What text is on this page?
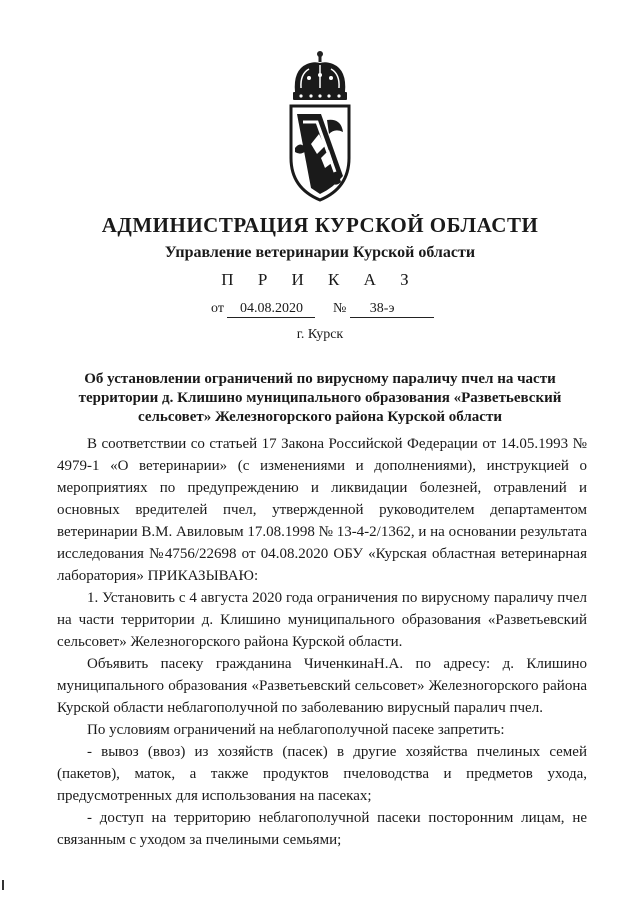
АДМИНИСТРАЦИЯ КУРСКОЙ ОБЛАСТИ
Управление ветеринарии Курской области
П Р И К А З
от 04.08.2020 № 38-э
г. Курск
Об установлении ограничений по вирусному параличу пчел на части
территории д. Клишино муниципального образования «Разветьевский
сельсовет» Железногорского района Курской области

В соответствии со статьей 17 Закона Российской Федерации от 14.05.1993 № 4979-1 «О ветеринарии» (с изменениями и дополнениями), инструкцией о мероприятиях по предупреждению и ликвидации болезней, отравлений и основных вредителей пчел, утвержденной руководителем департаментом ветеринарии В.М. Авиловым 17.08.1998 № 13-4-2/1362, и на основании результата исследования №4756/22698 от 04.08.2020 ОБУ «Курская областная ветеринарная лаборатория» ПРИКАЗЫВАЮ:

1. Установить с 4 августа 2020 года ограничения по вирусному параличу пчел на части территории д. Клишино муниципального образования «Разветьевский сельсовет» Железногорского района Курской области.

Объявить пасеку гражданина ЧиченкинаН.А. по адресу: д. Клишино муниципального образования «Разветьевский сельсовет» Железногорского района Курской области неблагополучной по заболеванию вирусный паралич пчел.

По условиям ограничений на неблагополучной пасеке запретить:

- вывоз (ввоз) из хозяйств (пасек) в другие хозяйства пчелиных семей (пакетов), маток, а также продуктов пчеловодства и предметов ухода, предусмотренных для использования на пасеках;

- доступ на территорию неблагополучной пасеки посторонним лицам, не связанным с уходом за пчелиными семьями;
